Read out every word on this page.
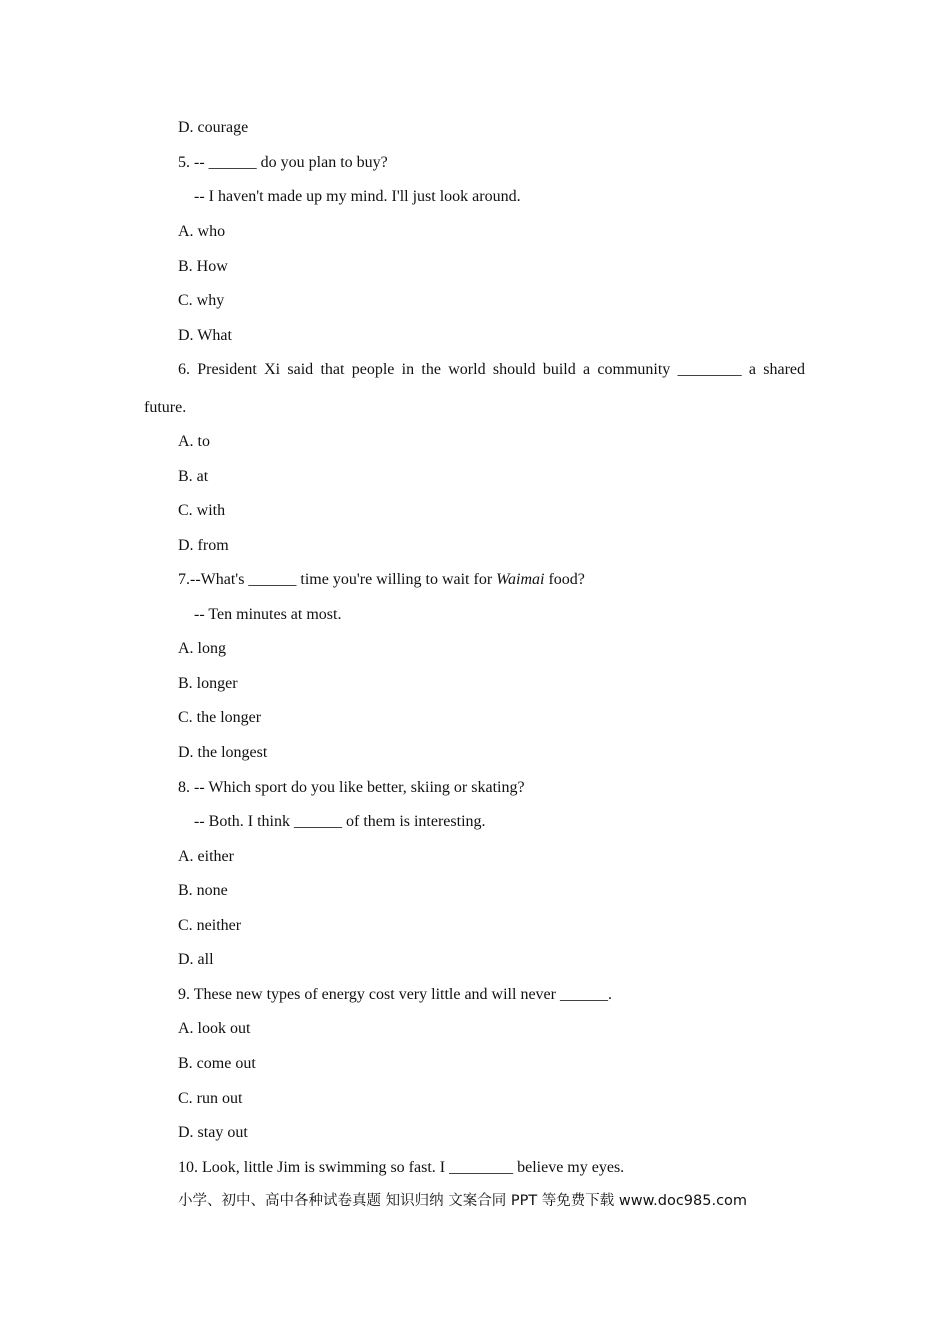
D. courage

5. -- ______ do you plan to buy?

-- I haven't made up my mind. I'll just look around.

A. who

B. How

C. why

D. What

6. President Xi said that people in the world should build a community ________ a shared

future.

A. to

B. at

C. with

D. from

7.--What's ______ time you're willing to wait for Waimai food?

-- Ten minutes at most.

A. long

B. longer

C. the longer

D. the longest

8. -- Which sport do you like better, skiing or skating?

-- Both. I think ______ of them is interesting.

A. either

B. none

C. neither

D. all

9. These new types of energy cost very little and will never ______.

A. look out

B. come out

C. run out

D. stay out

10. Look, little Jim is swimming so fast. I ________ believe my eyes.

小学、初中、高中各种试卷真题 知识归纳 文案合同 PPT 等免费下载 www.doc985.com
